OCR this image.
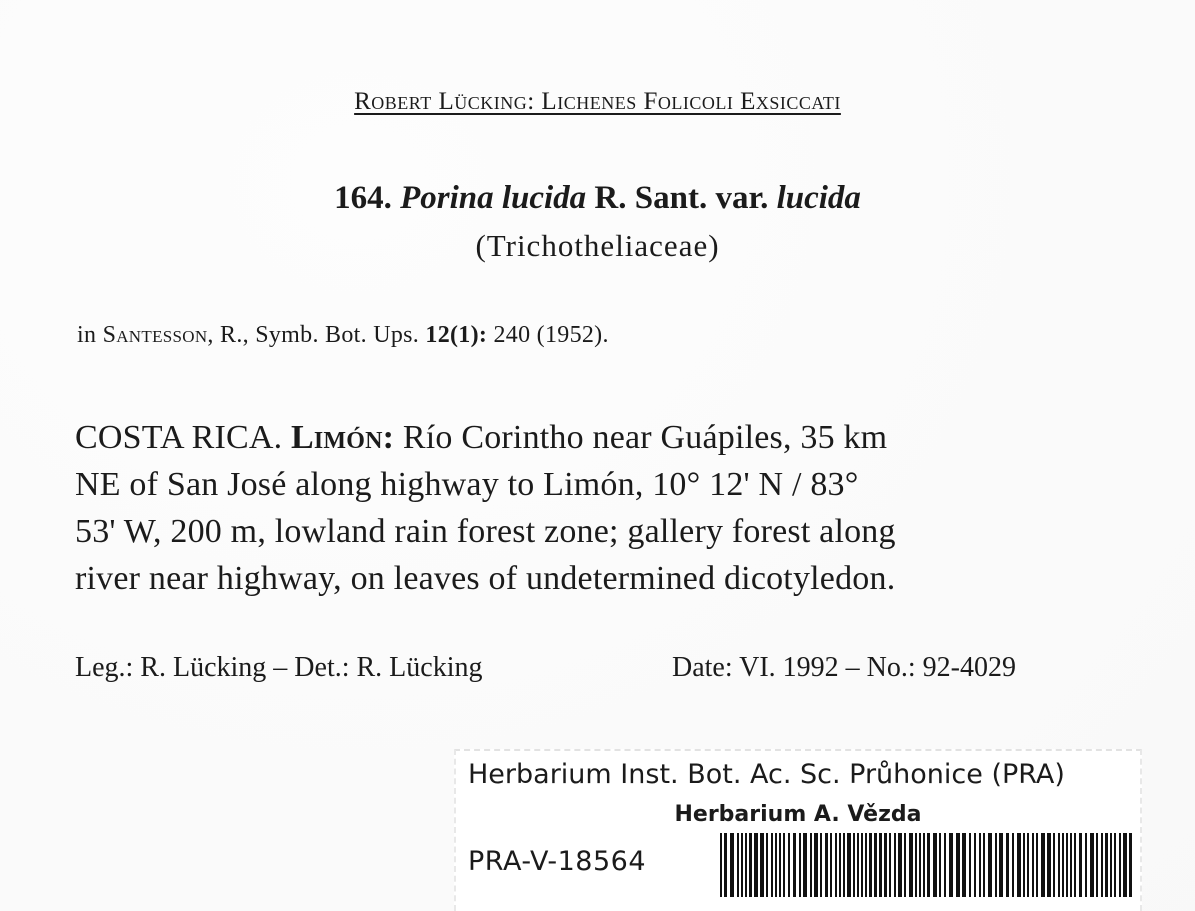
Robert Lücking: Lichenes Folicoli Exsiccati
164. Porina lucida R. Sant. var. lucida
(Trichotheliaceae)
in Santesson, R., Symb. Bot. Ups. 12(1): 240 (1952).
COSTA RICA. Limón: Río Corintho near Guápiles, 35 km
NE of San José along highway to Limón, 10° 12' N / 83°
53' W, 200 m, lowland rain forest zone; gallery forest along
river near highway, on leaves of undetermined dicotyledon.
Leg.: R. Lücking – Det.: R. Lücking	Date: VI. 1992 – No.: 92-4029
Herbarium Inst. Bot. Ac. Sc. Průhonice (PRA)
Herbarium A. Vězda
PRA-V-18564
